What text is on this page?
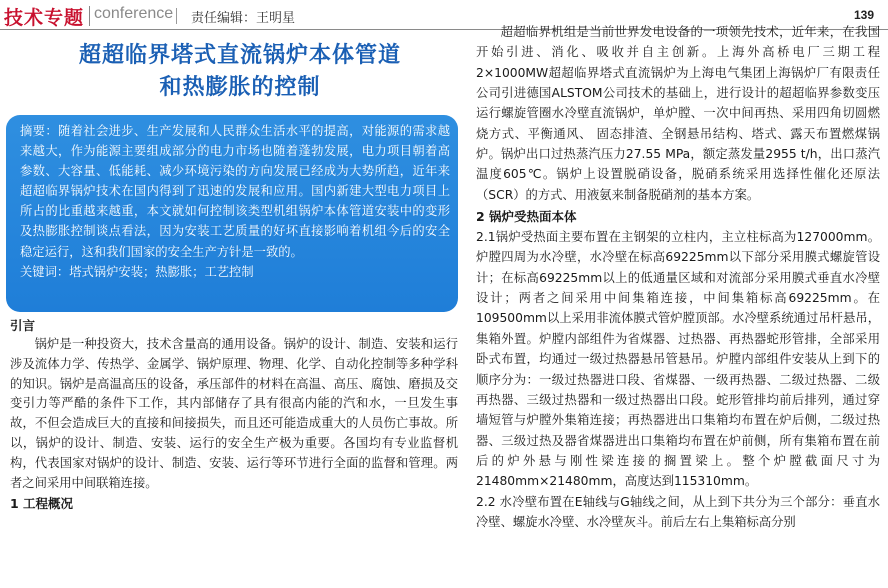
技术专题 conference 责任编辑：王明星	139
超超临界塔式直流锅炉本体管道
和热膨胀的控制

摘要：随着社会进步、生产发展和人民群众生活水平的提高，对能源的需求越来越大，作为能源主要组成部分的电力市场也随着蓬勃发展，电力项目朝着高参数、大容量、低能耗、减少环境污染的方向发展已经成为大势所趋，近年来超超临界锅炉技术在国内得到了迅速的发展和应用。国内新建大型电力项目上所占的比重越来越重，本文就如何控制该类型机组锅炉本体管道安装中的变形及热膨胀控制谈点看法，因为安装工艺质量的好坏直接影响着机组今后的安全稳定运行，这和我们国家的安全生产方针是一致的。

关键词：塔式锅炉安装；热膨胀；工艺控制

引言

锅炉是一种投资大，技术含量高的通用设备。锅炉的设计、制造、安装和运行涉及流体力学、传热学、金属学、锅炉原理、物理、化学、自动化控制等多种学科的知识。锅炉是高温高压的设备，承压部件的材料在高温、高压、腐蚀、磨损及交变引力等严酷的条件下工作，其内部储存了具有很高内能的汽和水，一旦发生事故，不但会造成巨大的直接和间接损失，而且还可能造成重大的人员伤亡事故。所以，锅炉的设计、制造、安装、运行的安全生产极为重要。各国均有专业监督机构，代表国家对锅炉的设计、制造、安装、运行等环节进行全面的监督和管理。两者之间采用中间联箱连接。

1 工程概况

超超临界机组是当前世界发电设备的一项领先技术，近年来，在我国开始引进、消化、吸收并自主创新。上海外高桥电厂三期工程2×1000MW超超临界塔式直流锅炉为上海电气集团上海锅炉厂有限责任公司引进德国ALSTOM公司技术的基础上，进行设计的超超临界参数变压运行螺旋管圈水冷壁直流锅炉，单炉膛、一次中间再热、采用四角切圆燃烧方式、平衡通风、 固态排渣、全钢悬吊结构、塔式、露天布置燃煤锅炉。锅炉出口过热蒸汽压力27.55 MPa，额定蒸发量2955 t/h，出口蒸汽温度605℃。锅炉上设置脱硝设备，脱硝系统采用选择性催化还原法（SCR）的方式、用液氨来制备脱硝剂的基本方案。

2 锅炉受热面本体

2.1锅炉受热面主要布置在主钢架的立柱内，主立柱标高为127000mm。炉膛四周为水冷壁，水冷壁在标高69225mm以下部分采用膜式螺旋管设计；在标高69225mm以上的低通量区域和对流部分采用膜式垂直水冷壁设计；两者之间采用中间集箱连接，中间集箱标高69225mm。在109500mm以上采用非流体膜式管炉膛顶部。水冷壁系统通过吊杆悬吊，集箱外置。炉膛内部组件为省煤器、过热器、再热器蛇形管排，全部采用卧式布置，均通过一级过热器悬吊管悬吊。炉膛内部组件安装从上到下的顺序分为：一级过热器进口段、省煤器、一级再热器、二级过热器、二级再热器、三级过热器和一级过热器出口段。蛇形管排均前后排列，通过穿墙短管与炉膛外集箱连接；再热器进出口集箱均布置在炉后侧，二级过热器、三级过热及器省煤器进出口集箱均布置在炉前侧，所有集箱布置在前后的炉外悬与刚性梁连接的搁置梁上。整个炉膛截面尺寸为21480mm×21480mm，高度达到115310mm。

2.2 水冷壁布置在E轴线与G轴线之间，从上到下共分为三个部分：垂直水冷壁、螺旋水冷壁、水冷壁灰斗。前后左右上集箱标高分别
